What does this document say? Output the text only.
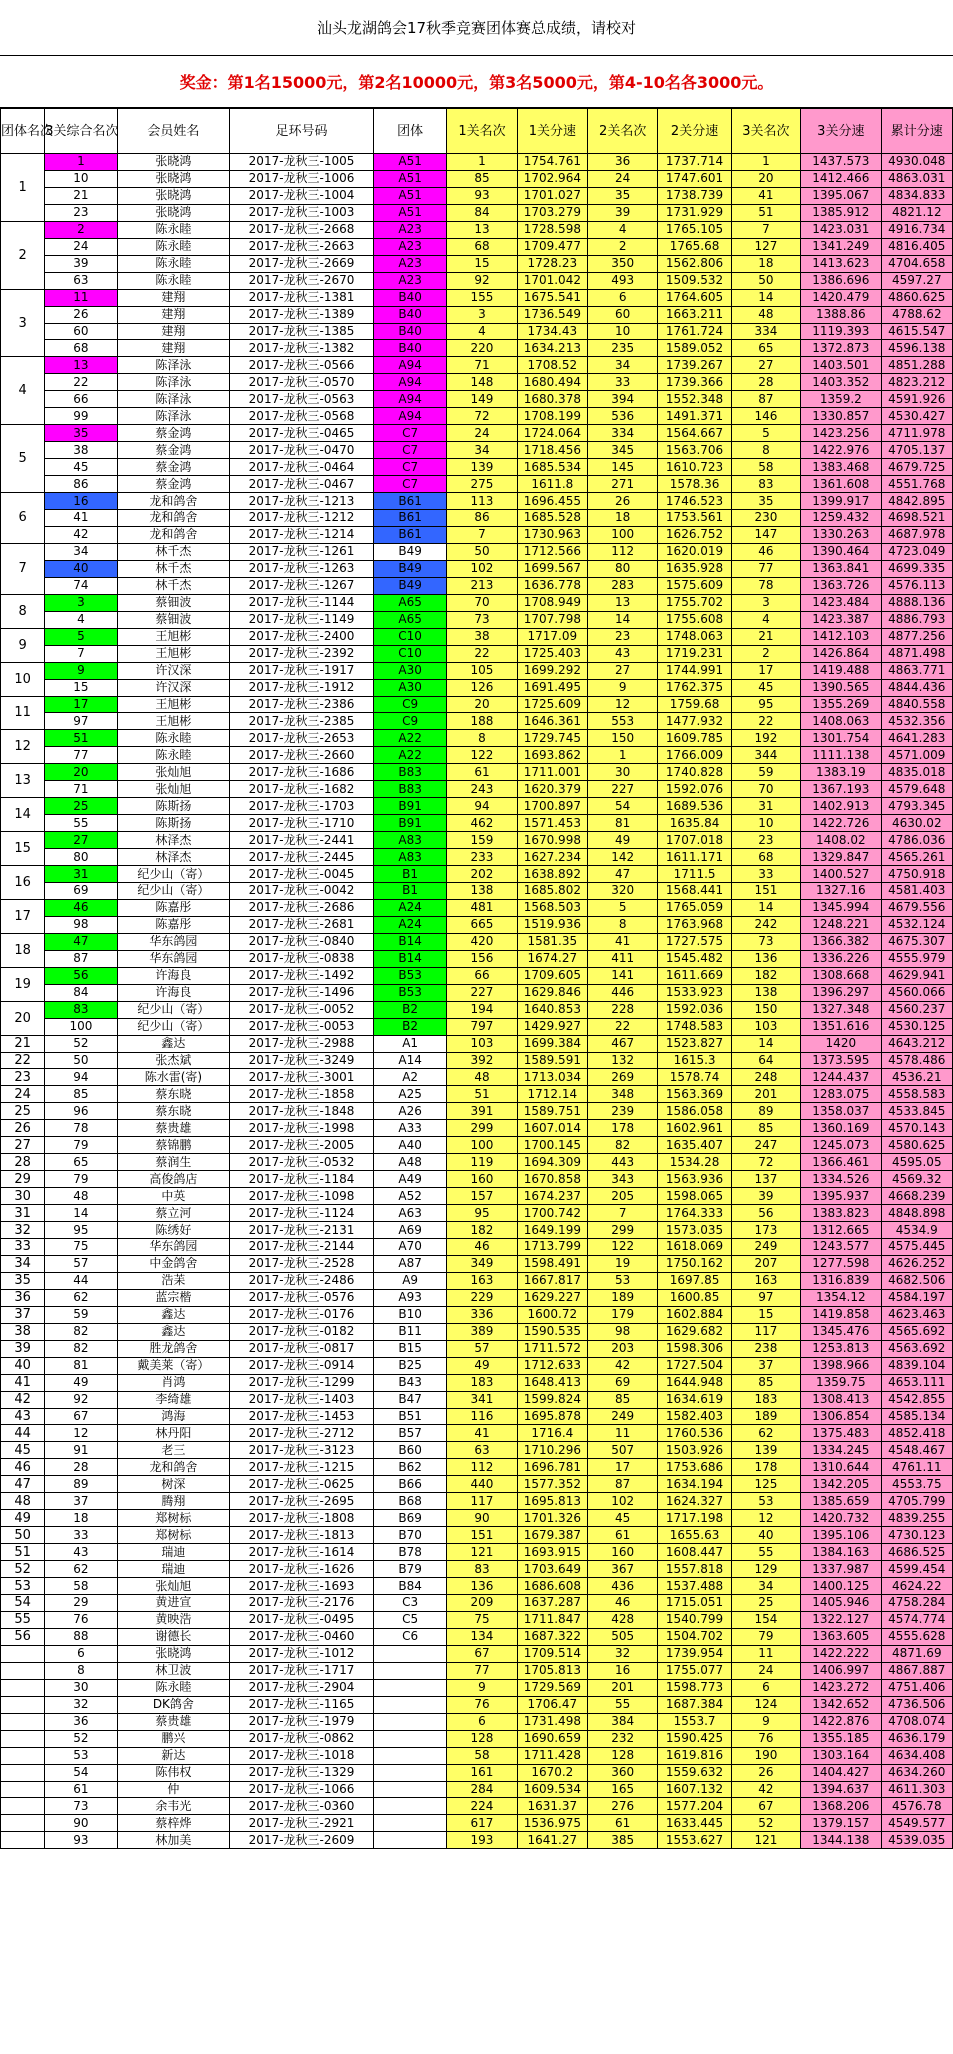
汕头龙湖鸽会17秋季竞赛团体赛总成绩，请校对
奖金：第1名15000元，第2名10000元，第3名5000元，第4-10名各3000元。
团体名次	3关综合名次	会员姓名	足环号码	团体	1关名次	1关分速	2关名次	2关分速	3关名次	3关分速	累计分速
1	1	张晓鸿	2017-龙秋三-1005	A51	1	1754.761	36	1737.714	1	1437.573	4930.048
	10	张晓鸿	2017-龙秋三-1006	A51	85	1702.964	24	1747.601	20	1412.466	4863.031
	21	张晓鸿	2017-龙秋三-1004	A51	93	1701.027	35	1738.739	41	1395.067	4834.833
	23	张晓鸿	2017-龙秋三-1003	A51	84	1703.279	39	1731.929	51	1385.912	4821.12
2	2	陈永睦	2017-龙秋三-2668	A23	13	1728.598	4	1765.105	7	1423.031	4916.734
	24	陈永睦	2017-龙秋三-2663	A23	68	1709.477	2	1765.68	127	1341.249	4816.405
	39	陈永睦	2017-龙秋三-2669	A23	15	1728.23	350	1562.806	18	1413.623	4704.658
	63	陈永睦	2017-龙秋三-2670	A23	92	1701.042	493	1509.532	50	1386.696	4597.27
3	11	建翔	2017-龙秋三-1381	B40	155	1675.541	6	1764.605	14	1420.479	4860.625
	26	建翔	2017-龙秋三-1389	B40	3	1736.549	60	1663.211	48	1388.86	4788.62
	60	建翔	2017-龙秋三-1385	B40	4	1734.43	10	1761.724	334	1119.393	4615.547
	68	建翔	2017-龙秋三-1382	B40	220	1634.213	235	1589.052	65	1372.873	4596.138
4	13	陈泽泳	2017-龙秋三-0566	A94	71	1708.52	34	1739.267	27	1403.501	4851.288
	22	陈泽泳	2017-龙秋三-0570	A94	148	1680.494	33	1739.366	28	1403.352	4823.212
	66	陈泽泳	2017-龙秋三-0563	A94	149	1680.378	394	1552.348	87	1359.2	4591.926
	99	陈泽泳	2017-龙秋三-0568	A94	72	1708.199	536	1491.371	146	1330.857	4530.427
5	35	蔡金鸿	2017-龙秋三-0465	C7	24	1724.064	334	1564.667	5	1423.256	4711.978
	38	蔡金鸿	2017-龙秋三-0470	C7	34	1718.456	345	1563.706	8	1422.976	4705.137
	45	蔡金鸿	2017-龙秋三-0464	C7	139	1685.534	145	1610.723	58	1383.468	4679.725
	86	蔡金鸿	2017-龙秋三-0467	C7	275	1611.8	271	1578.36	83	1361.608	4551.768
6	16	龙和鸽舍	2017-龙秋三-1213	B61	113	1696.455	26	1746.523	35	1399.917	4842.895
	41	龙和鸽舍	2017-龙秋三-1212	B61	86	1685.528	18	1753.561	230	1259.432	4698.521
	42	龙和鸽舍	2017-龙秋三-1214	B61	7	1730.963	100	1626.752	147	1330.263	4687.978
7	34	林千杰	2017-龙秋三-1261	B49	50	1712.566	112	1620.019	46	1390.464	4723.049
	40	林千杰	2017-龙秋三-1263	B49	102	1699.567	80	1635.928	77	1363.841	4699.335
	74	林千杰	2017-龙秋三-1267	B49	213	1636.778	283	1575.609	78	1363.726	4576.113
8	3	蔡钿波	2017-龙秋三-1144	A65	70	1708.949	13	1755.702	3	1423.484	4888.136
	4	蔡钿波	2017-龙秋三-1149	A65	73	1707.798	14	1755.608	4	1423.387	4886.793
9	5	王旭彬	2017-龙秋三-2400	C10	38	1717.09	23	1748.063	21	1412.103	4877.256
	7	王旭彬	2017-龙秋三-2392	C10	22	1725.403	43	1719.231	2	1426.864	4871.498
10	9	许汉深	2017-龙秋三-1917	A30	105	1699.292	27	1744.991	17	1419.488	4863.771
	15	许汉深	2017-龙秋三-1912	A30	126	1691.495	9	1762.375	45	1390.565	4844.436
11	17	王旭彬	2017-龙秋三-2386	C9	20	1725.609	12	1759.68	95	1355.269	4840.558
	97	王旭彬	2017-龙秋三-2385	C9	188	1646.361	553	1477.932	22	1408.063	4532.356
12	51	陈永睦	2017-龙秋三-2653	A22	8	1729.745	150	1609.785	192	1301.754	4641.283
	77	陈永睦	2017-龙秋三-2660	A22	122	1693.862	1	1766.009	344	1111.138	4571.009
13	20	张灿旭	2017-龙秋三-1686	B83	61	1711.001	30	1740.828	59	1383.19	4835.018
	71	张灿旭	2017-龙秋三-1682	B83	243	1620.379	227	1592.076	70	1367.193	4579.648
14	25	陈斯扬	2017-龙秋三-1703	B91	94	1700.897	54	1689.536	31	1402.913	4793.345
	55	陈斯扬	2017-龙秋三-1710	B91	462	1571.453	81	1635.84	10	1422.726	4630.02
15	27	林泽杰	2017-龙秋三-2441	A83	159	1670.998	49	1707.018	23	1408.02	4786.036
	80	林泽杰	2017-龙秋三-2445	A83	233	1627.234	142	1611.171	68	1329.847	4565.261
16	31	纪少山（寄）	2017-龙秋三-0045	B1	202	1638.892	47	1711.5	33	1400.527	4750.918
	69	纪少山（寄）	2017-龙秋三-0042	B1	138	1685.802	320	1568.441	151	1327.16	4581.403
17	46	陈嘉彤	2017-龙秋三-2686	A24	481	1568.503	5	1765.059	14	1345.994	4679.556
	98	陈嘉彤	2017-龙秋三-2681	A24	665	1519.936	8	1763.968	242	1248.221	4532.124
18	47	华东鸽园	2017-龙秋三-0840	B14	420	1581.35	41	1727.575	73	1366.382	4675.307
	87	华东鸽园	2017-龙秋三-0838	B14	156	1674.27	411	1545.482	136	1336.226	4555.979
19	56	许海良	2017-龙秋三-1492	B53	66	1709.605	141	1611.669	182	1308.668	4629.941
	84	许海良	2017-龙秋三-1496	B53	227	1629.846	446	1533.923	138	1396.297	4560.066
20	83	纪少山（寄）	2017-龙秋三-0052	B2	194	1640.853	228	1592.036	150	1327.348	4560.237
	100	纪少山（寄）	2017-龙秋三-0053	B2	797	1429.927	22	1748.583	103	1351.616	4530.125
21	52	鑫达	2017-龙秋三-2988	A1	103	1699.384	467	1523.827	14	1420	4643.212
22	50	张杰斌	2017-龙秋三-3249	A14	392	1589.591	132	1615.3	64	1373.595	4578.486
23	94	陈水雷(寄)	2017-龙秋三-3001	A2	48	1713.034	269	1578.74	248	1244.437	4536.21
24	85	蔡东晓	2017-龙秋三-1858	A25	51	1712.14	348	1563.369	201	1283.075	4558.583
25	96	蔡东晓	2017-龙秋三-1848	A26	391	1589.751	239	1586.058	89	1358.037	4533.845
26	78	蔡贵雄	2017-龙秋三-1998	A33	299	1607.014	178	1602.961	85	1360.169	4570.143
27	79	蔡锦鹏	2017-龙秋三-2005	A40	100	1700.145	82	1635.407	247	1245.073	4580.625
28	65	蔡润生	2017-龙秋三-0532	A48	119	1694.309	443	1534.28	72	1366.461	4595.05
29	79	高俊鸽店	2017-龙秋三-1184	A49	160	1670.858	343	1563.936	137	1334.526	4569.32
30	48	中英	2017-龙秋三-1098	A52	157	1674.237	205	1598.065	39	1395.937	4668.239
31	14	蔡立河	2017-龙秋三-1124	A63	95	1700.742	7	1764.333	56	1383.823	4848.898
32	95	陈绣好	2017-龙秋三-2131	A69	182	1649.199	299	1573.035	173	1312.665	4534.9
33	75	华东鸽园	2017-龙秋三-2144	A70	46	1713.799	122	1618.069	249	1243.577	4575.445
34	57	中金鸽舍	2017-龙秋三-2528	A87	349	1598.491	19	1750.162	207	1277.598	4626.252
35	44	浩苿	2017-龙秋三-2486	A9	163	1667.817	53	1697.85	163	1316.839	4682.506
36	62	蓝宗楷	2017-龙秋三-0576	A93	229	1629.227	189	1600.85	97	1354.12	4584.197
37	59	鑫达	2017-龙秋三-0176	B10	336	1600.72	179	1602.884	15	1419.858	4623.463
38	82	鑫达	2017-龙秋三-0182	B11	389	1590.535	98	1629.682	117	1345.476	4565.692
39	82	胜龙鸽舍	2017-龙秋三-0817	B15	57	1711.572	203	1598.306	238	1253.813	4563.692
40	81	戴美莱（寄）	2017-龙秋三-0914	B25	49	1712.633	42	1727.504	37	1398.966	4839.104
41	49	肖鸿	2017-龙秋三-1299	B43	183	1648.413	69	1644.948	85	1359.75	4653.111
42	92	李绮雄	2017-龙秋三-1403	B47	341	1599.824	85	1634.619	183	1308.413	4542.855
43	67	鸿海	2017-龙秋三-1453	B51	116	1695.878	249	1582.403	189	1306.854	4585.134
44	12	林丹阳	2017-龙秋三-2712	B57	41	1716.4	11	1760.536	62	1375.483	4852.418
45	91	老三	2017-龙秋三-3123	B60	63	1710.296	507	1503.926	139	1334.245	4548.467
46	28	龙和鸽舍	2017-龙秋三-1215	B62	112	1696.781	17	1753.686	178	1310.644	4761.11
47	89	树深	2017-龙秋三-0625	B66	440	1577.352	87	1634.194	125	1342.205	4553.75
48	37	腾翔	2017-龙秋三-2695	B68	117	1695.813	102	1624.327	53	1385.659	4705.799
49	18	郑树标	2017-龙秋三-1808	B69	90	1701.326	45	1717.198	12	1420.732	4839.255
50	33	郑树标	2017-龙秋三-1813	B70	151	1679.387	61	1655.63	40	1395.106	4730.123
51	43	瑞迪	2017-龙秋三-1614	B78	121	1693.915	160	1608.447	55	1384.163	4686.525
52	62	瑞迪	2017-龙秋三-1626	B79	83	1703.649	367	1557.818	129	1337.987	4599.454
53	58	张灿旭	2017-龙秋三-1693	B84	136	1686.608	436	1537.488	34	1400.125	4624.22
54	29	黄进宣	2017-龙秋三-2176	C3	209	1637.287	46	1715.051	25	1405.946	4758.284
55	76	黄映浩	2017-龙秋三-0495	C5	75	1711.847	428	1540.799	154	1322.127	4574.774
56	88	谢德长	2017-龙秋三-0460	C6	134	1687.322	505	1504.702	79	1363.605	4555.628
	6	张晓鸿	2017-龙秋三-1012		67	1709.514	32	1739.954	11	1422.222	4871.69
	8	林卫波	2017-龙秋三-1717		77	1705.813	16	1755.077	24	1406.997	4867.887
	30	陈永睦	2017-龙秋三-2904		9	1729.569	201	1598.773	6	1423.272	4751.406
	32	DK鸽舍	2017-龙秋三-1165		76	1706.47	55	1687.384	124	1342.652	4736.506
	36	蔡贵雄	2017-龙秋三-1979		6	1731.498	384	1553.7	9	1422.876	4708.074
	52	鹏兴	2017-龙秋三-0862		128	1690.659	232	1590.425	76	1355.185	4636.179
	53	新达	2017-龙秋三-1018		58	1711.428	128	1619.816	190	1303.164	4634.408
	54	陈伟权	2017-龙秋三-1329		161	1670.2	360	1559.632	26	1404.427	4634.260
	61	仲	2017-龙秋三-1066		284	1609.534	165	1607.132	42	1394.637	4611.303
	73	余韦光	2017-龙秋三-0360		224	1631.37	276	1577.204	67	1368.206	4576.78
	90	蔡梓烨	2017-龙秋三-2921		617	1536.975	61	1633.445	52	1379.157	4549.577
	93	林加美	2017-龙秋三-2609		193	1641.27	385	1553.627	121	1344.138	4539.035
